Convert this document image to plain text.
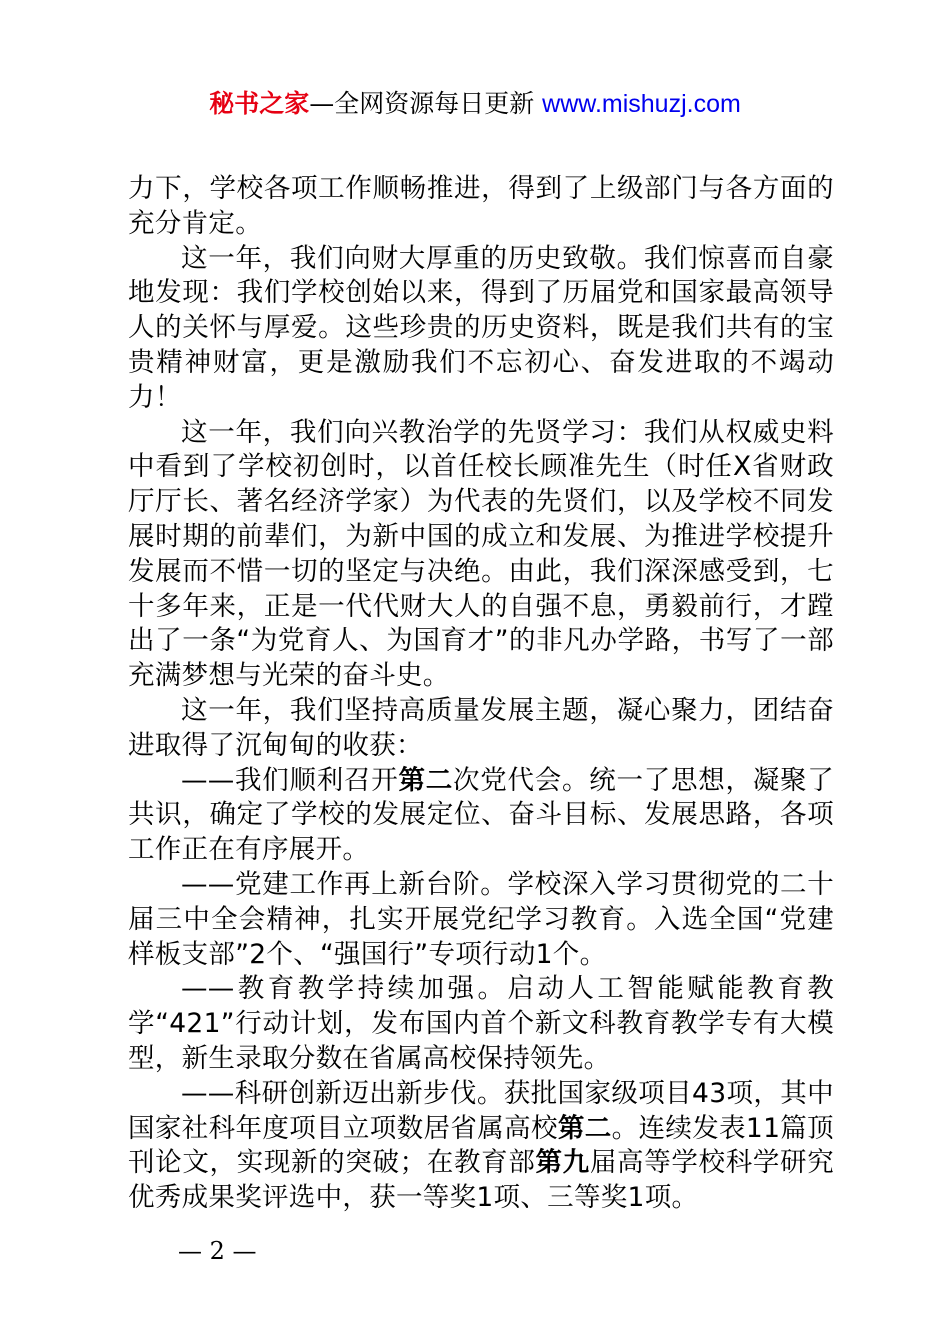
秘书之家—全网资源每日更新 www.mishuzj.com

力下，学校各项工作顺畅推进，得到了上级部门与各方面的充分肯定。

这一年，我们向财大厚重的历史致敬。我们惊喜而自豪地发现：我们学校创始以来，得到了历届党和国家最高领导人的关怀与厚爱。这些珍贵的历史资料，既是我们共有的宝贵精神财富，更是激励我们不忘初心、奋发进取的不竭动力！

这一年，我们向兴教治学的先贤学习：我们从权威史料中看到了学校初创时，以首任校长顾准先生（时任X省财政厅厅长、著名经济学家）为代表的先贤们，以及学校不同发展时期的前辈们，为新中国的成立和发展、为推进学校提升发展而不惜一切的坚定与决绝。由此，我们深深感受到，七十多年来，正是一代代财大人的自强不息，勇毅前行，才蹚出了一条“为党育人、为国育才”的非凡办学路，书写了一部充满梦想与光荣的奋斗史。

这一年，我们坚持高质量发展主题，凝心聚力，团结奋进取得了沉甸甸的收获：

——我们顺利召开第二次党代会。统一了思想，凝聚了共识，确定了学校的发展定位、奋斗目标、发展思路，各项工作正在有序展开。

——党建工作再上新台阶。学校深入学习贯彻党的二十届三中全会精神，扎实开展党纪学习教育。入选全国“党建样板支部”2个、“强国行”专项行动1个。

——教育教学持续加强。启动人工智能赋能教育教学“421”行动计划，发布国内首个新文科教育教学专有大模型，新生录取分数在省属高校保持领先。

——科研创新迈出新步伐。获批国家级项目43项，其中国家社科年度项目立项数居省属高校第二。连续发表11篇顶刊论文，实现新的突破；在教育部第九届高等学校科学研究优秀成果奖评选中，获一等奖1项、三等奖1项。

— 2 —
